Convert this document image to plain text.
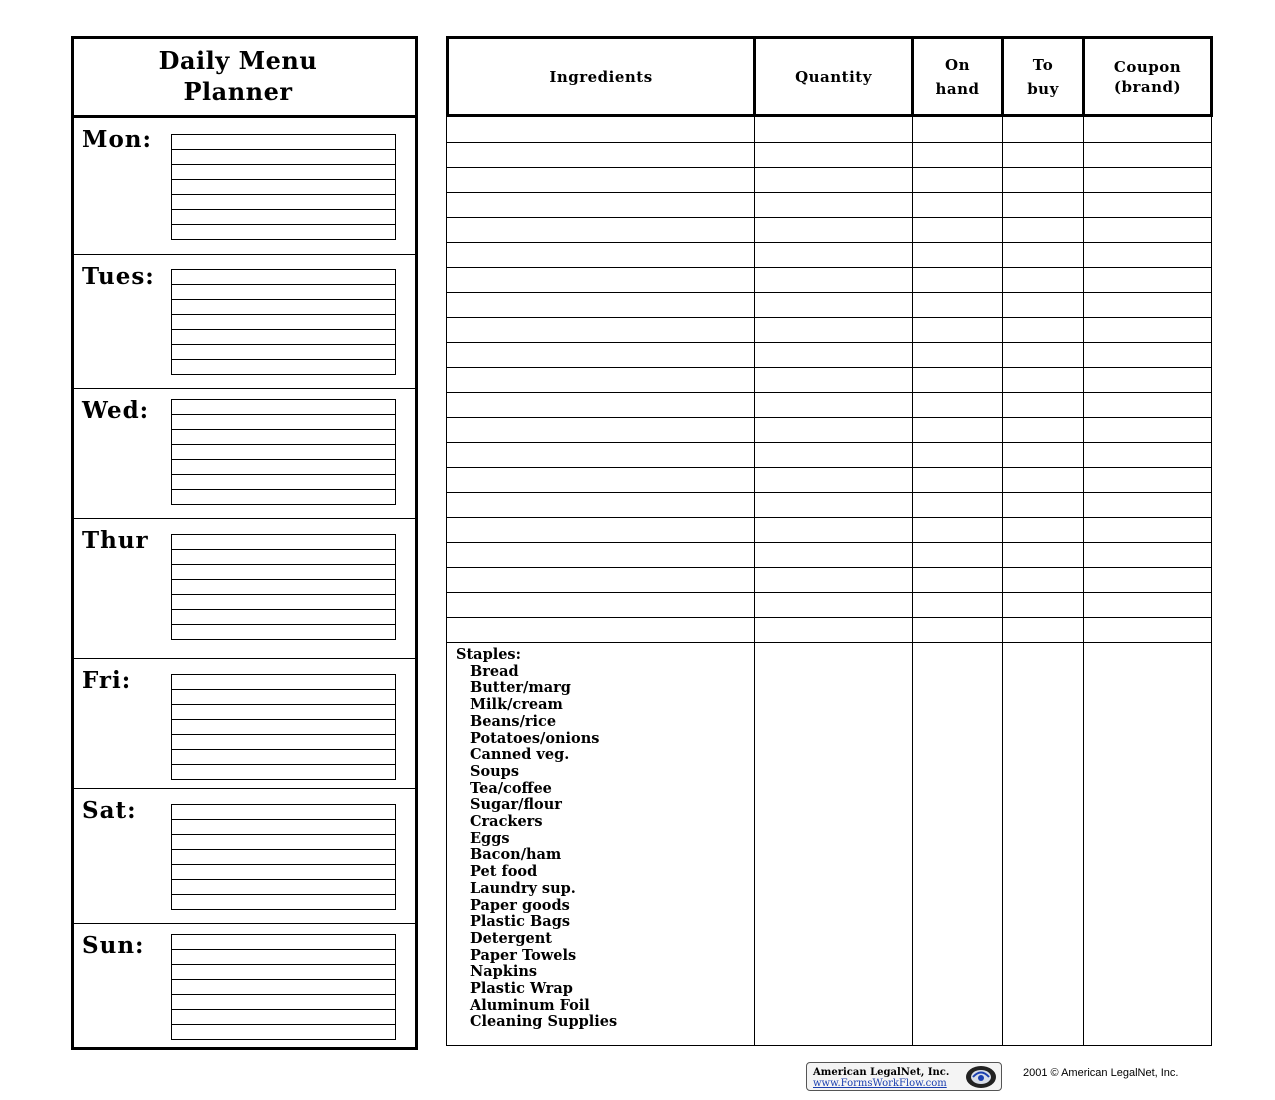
Daily Menu
Planner
Mon:
Tues:
Wed:
Thur
Fri:
Sat:
Sun:
Ingredients	Quantity
On
hand
To
buy
Coupon
(brand)
Staples:
Bread
Butter/marg
Milk/cream
Beans/rice
Potatoes/onions
Canned veg.
Soups
Tea/coffee
Sugar/flour
Crackers
Eggs
Bacon/ham
Pet food
Laundry sup.
Paper goods
Plastic Bags
Detergent
Paper Towels
Napkins
Plastic Wrap
Aluminum Foil
Cleaning Supplies
American LegalNet, Inc.
www.FormsWorkFlow.com
2001 © American LegalNet, Inc.
